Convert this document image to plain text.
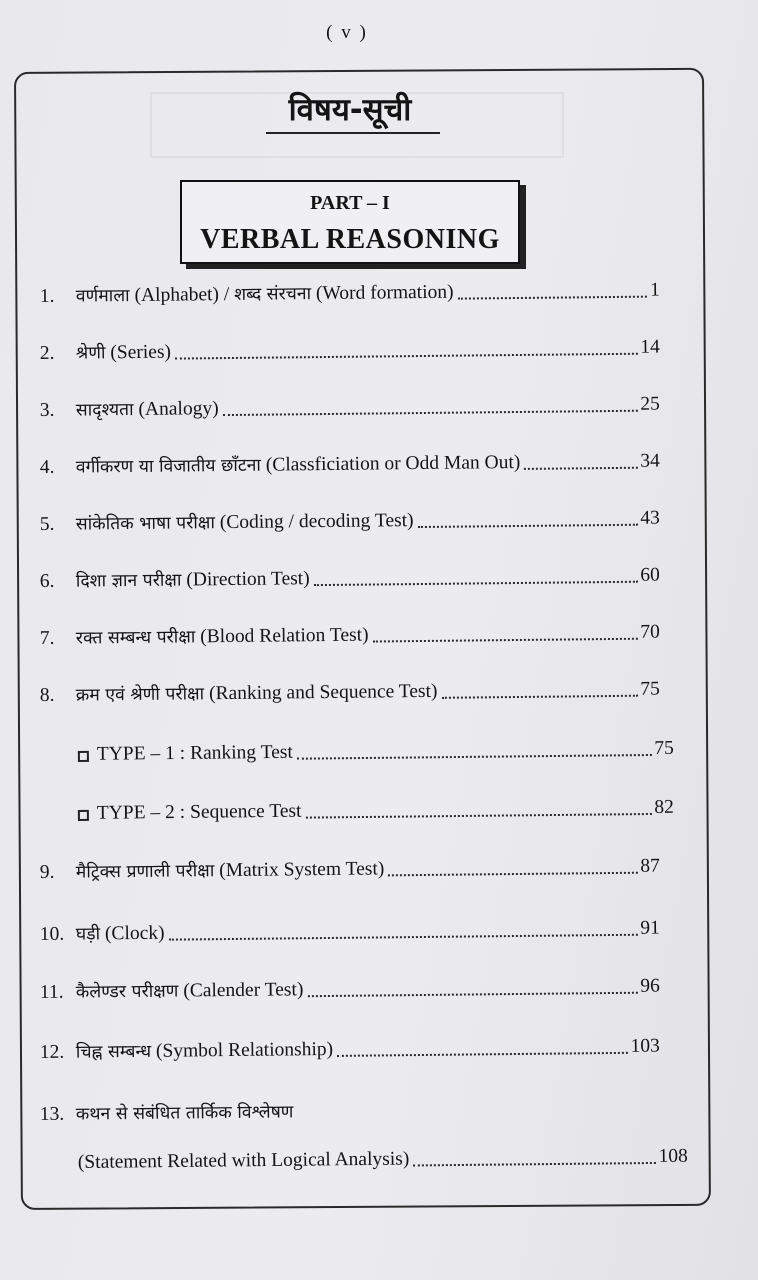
( v )
विषय-सूची
PART – I
VERBAL REASONING
1.	वर्णमाला (Alphabet) / शब्द संरचना (Word formation)	1
2.	श्रेणी (Series)	14
3.	सादृश्यता (Analogy)	25
4.	वर्गीकरण या विजातीय छाँटना (Classficiation or Odd Man Out)	34
5.	सांकेतिक भाषा परीक्षा (Coding / decoding Test)	43
6.	दिशा ज्ञान परीक्षा (Direction Test)	60
7.	रक्त सम्बन्ध परीक्षा (Blood Relation Test)	70
8.	क्रम एवं श्रेणी परीक्षा (Ranking and Sequence Test)	75
TYPE – 1 : Ranking Test	75
TYPE – 2 : Sequence Test	82
9.	मैट्रिक्स प्रणाली परीक्षा (Matrix System Test)	87
10. घड़ी (Clock)	91
11. कैलेण्डर परीक्षण (Calender Test)	96
12. चिह्न सम्बन्ध (Symbol Relationship)	103
13. कथन से संबंधित तार्किक विश्लेषण
(Statement Related with Logical Analysis)	108
